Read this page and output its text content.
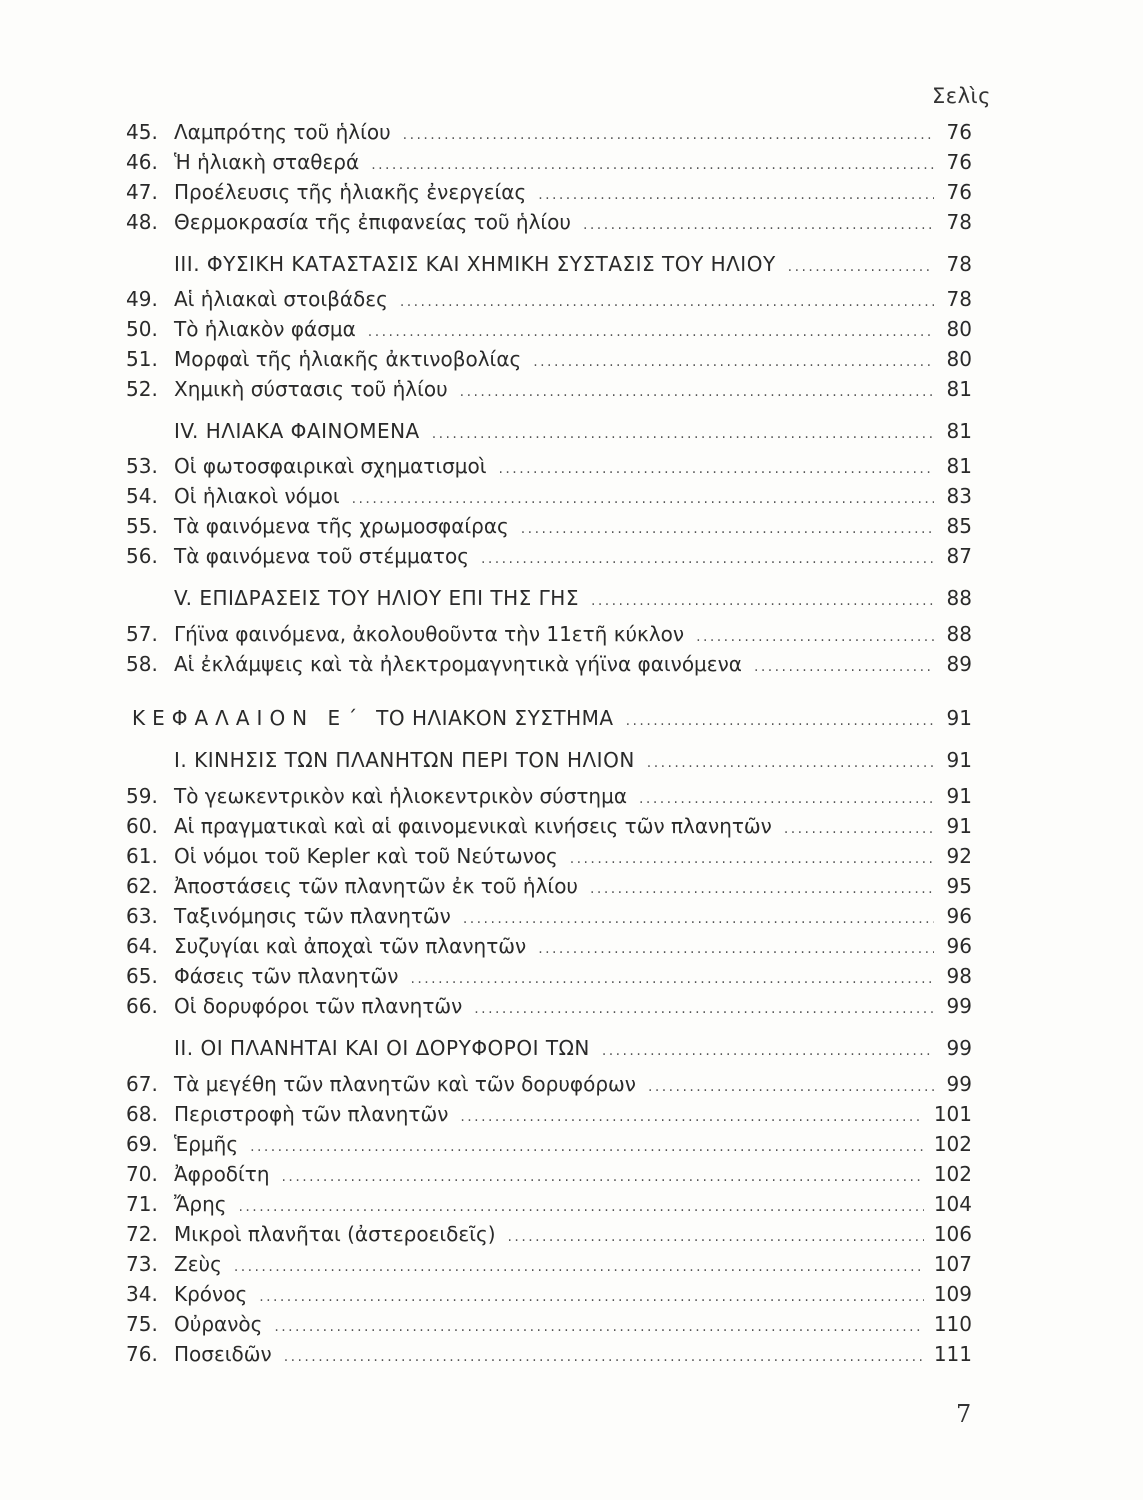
Σελὶς
45. Λαμπρότης τοῦ ἡλίου . . .	76
46. Ἡ ἡλιακὴ σταθερά . . .	76
47. Προέλευσις τῆς ἡλιακῆς ἐνεργείας . . .	76
48. Θερμοκρασία τῆς ἐπιφανείας τοῦ ἡλίου . . .	78
III. ΦΥΣΙΚΗ ΚΑΤΑΣΤΑΣΙΣ ΚΑΙ ΧΗΜΙΚΗ ΣΥΣΤΑΣΙΣ ΤΟΥ ΗΛΙΟΥ . . .	78
49. Αἱ ἡλιακαὶ στοιβάδες . . .	78
50. Τὸ ἡλιακὸν φάσμα . . .	80
51. Μορφαὶ τῆς ἡλιακῆς ἀκτινοβολίας . . .	80
52. Χημικὴ σύστασις τοῦ ἡλίου . . .	81
IV. ΗΛΙΑΚΑ ΦΑΙΝΟΜΕΝΑ . . .	81
53. Οἱ φωτοσφαιρικαὶ σχηματισμοὶ . . .	81
54. Οἱ ἡλιακοὶ νόμοι . . .	83
55. Τὰ φαινόμενα τῆς χρωμοσφαίρας . . .	85
56. Τὰ φαινόμενα τοῦ στέμματος . . .	87
V. ΕΠΙΔΡΑΣΕΙΣ ΤΟΥ ΗΛΙΟΥ ΕΠΙ ΤΗΣ ΓΗΣ . . .	88
57. Γήϊνα φαινόμενα, ἀκολουθοῦντα τὴν 11ετῆ κύκλον . . .	88
58. Αἱ ἐκλάμψεις καὶ τὰ ἠλεκτρομαγνητικὰ γήϊνα φαινόμενα . . .	89
ΚΕΦΑΛΑΙΟΝ Ε΄ ΤΟ ΗΛΙΑΚΟΝ ΣΥΣΤΗΜΑ . . .	91
I. ΚΙΝΗΣΙΣ ΤΩΝ ΠΛΑΝΗΤΩΝ ΠΕΡΙ ΤΟΝ ΗΛΙΟΝ . . .	91
59. Τὸ γεωκεντρικὸν καὶ ἡλιοκεντρικὸν σύστημα . . .	91
60. Αἱ πραγματικαὶ καὶ αἱ φαινομενικαὶ κινήσεις τῶν πλανητῶν . . .	91
61. Οἱ νόμοι τοῦ Kepler καὶ τοῦ Νεύτωνος . . .	92
62. Ἀποστάσεις τῶν πλανητῶν ἐκ τοῦ ἡλίου . . .	95
63. Ταξινόμησις τῶν πλανητῶν . . .	96
64. Συζυγίαι καὶ ἀποχαὶ τῶν πλανητῶν . . .	96
65. Φάσεις τῶν πλανητῶν . . .	98
66. Οἱ δορυφόροι τῶν πλανητῶν . . .	99
II. ΟΙ ΠΛΑΝΗΤΑΙ ΚΑΙ ΟΙ ΔΟΡΥΦΟΡΟΙ ΤΩΝ . . .	99
67. Τὰ μεγέθη τῶν πλανητῶν καὶ τῶν δορυφόρων . . .	99
68. Περιστροφὴ τῶν πλανητῶν . . .	101
69. Ἑρμῆς . . .	102
70. Ἀφροδίτη . . .	102
71. Ἄρης . . .	104
72. Μικροὶ πλανῆται (ἀστεροειδεῖς) . . .	106
73. Ζεὺς . . .	107
34. Κρόνος . . .	109
75. Οὐρανὸς . . .	110
76. Ποσειδῶν . . .	111
7
